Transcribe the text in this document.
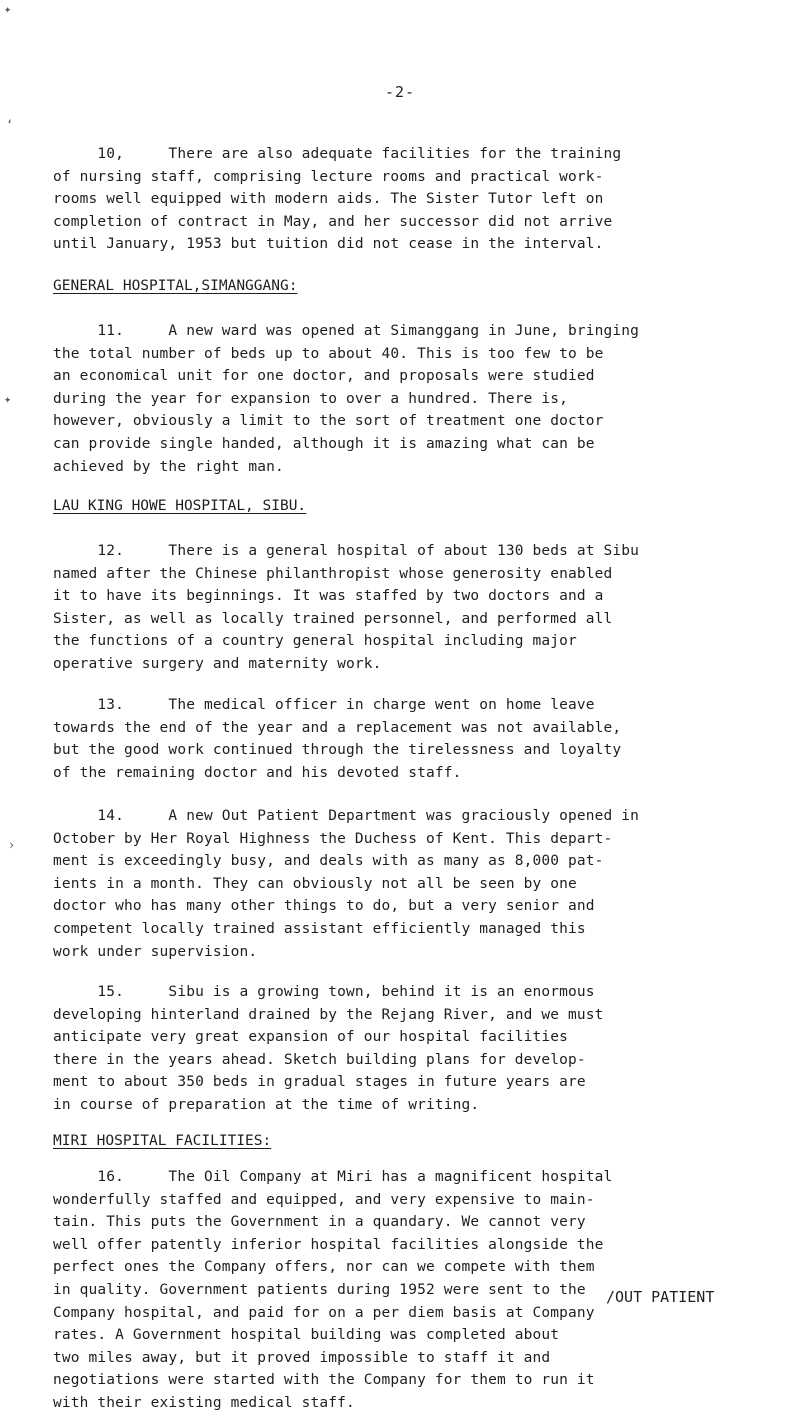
✦
‘
✦
›
-2-
10,     There are also adequate facilities for the training
of nursing staff, comprising lecture rooms and practical work-
rooms well equipped with modern aids. The Sister Tutor left on
completion of contract in May, and her successor did not arrive
until January, 1953 but tuition did not cease in the interval.
GENERAL HOSPITAL,SIMANGGANG:
11.     A new ward was opened at Simanggang in June, bringing
the total number of beds up to about 40. This is too few to be
an economical unit for one doctor, and proposals were studied
during the year for expansion to over a hundred. There is,
however, obviously a limit to the sort of treatment one doctor
can provide single handed, although it is amazing what can be
achieved by the right man.
LAU KING HOWE HOSPITAL, SIBU.
12.     There is a general hospital of about 130 beds at Sibu
named after the Chinese philanthropist whose generosity enabled
it to have its beginnings. It was staffed by two doctors and a
Sister, as well as locally trained personnel, and performed all
the functions of a country general hospital including major
operative surgery and maternity work.
13.     The medical officer in charge went on home leave
towards the end of the year and a replacement was not available,
but the good work continued through the tirelessness and loyalty
of the remaining doctor and his devoted staff.
14.     A new Out Patient Department was graciously opened in
October by Her Royal Highness the Duchess of Kent. This depart-
ment is exceedingly busy, and deals with as many as 8,000 pat-
ients in a month. They can obviously not all be seen by one
doctor who has many other things to do, but a very senior and
competent locally trained assistant efficiently managed this
work under supervision.
15.     Sibu is a growing town, behind it is an enormous
developing hinterland drained by the Rejang River, and we must
anticipate very great expansion of our hospital facilities
there in the years ahead. Sketch building plans for develop-
ment to about 350 beds in gradual stages in future years are
in course of preparation at the time of writing.
MIRI HOSPITAL FACILITIES:
16.     The Oil Company at Miri has a magnificent hospital
wonderfully staffed and equipped, and very expensive to main-
tain. This puts the Government in a quandary. We cannot very
well offer patently inferior hospital facilities alongside the
perfect ones the Company offers, nor can we compete with them
in quality. Government patients during 1952 were sent to the
Company hospital, and paid for on a per diem basis at Company
rates. A Government hospital building was completed about
two miles away, but it proved impossible to staff it and
negotiations were started with the Company for them to run it
with their existing medical staff.
/OUT PATIENT
